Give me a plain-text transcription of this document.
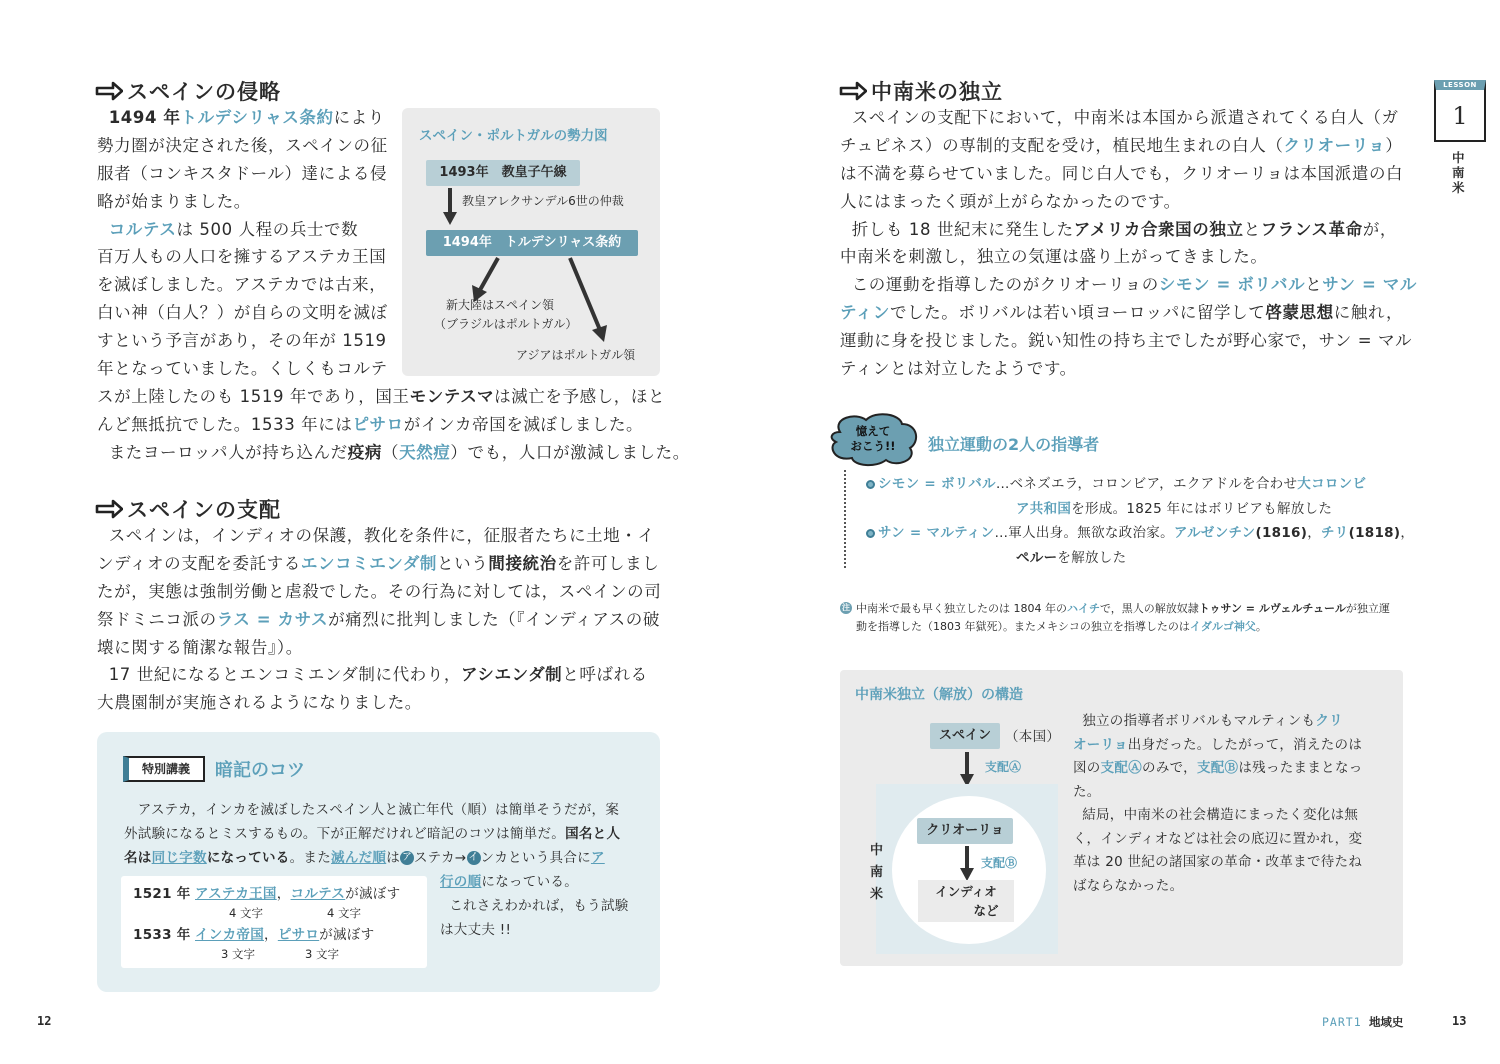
スペインの侵略
1494 年トルデシリャス条約により
勢力圏が決定された後，スペインの征
服者（コンキスタドール）達による侵
略が始まりました。
コルテスは 500 人程の兵士で数
百万人もの人口を擁するアステカ王国
を滅ぼしました。アステカでは古来，
白い神（白人？）が自らの文明を滅ぼ
すという予言があり，その年が 1519
年となっていました。くしくもコルテ
スが上陸したのも 1519 年であり，国王モンテスマは滅亡を予感し，ほと
んど無抵抗でした。1533 年にはピサロがインカ帝国を滅ぼしました。
またヨーロッパ人が持ち込んだ疫病（天然痘）でも，人口が激減しました。
スペイン・ポルトガルの勢力図
1493年　教皇子午線
教皇アレクサンデル6世の仲裁
1494年　トルデシリャス条約
新大陸はスペイン領
（ブラジルはポルトガル）
アジアはポルトガル領
スペインの支配
スペインは，インディオの保護，教化を条件に，征服者たちに土地・イ
ンディオの支配を委託するエンコミエンダ制という間接統治を許可しまし
たが，実態は強制労働と虐殺でした。その行為に対しては，スペインの司
祭ドミニコ派のラス = カサスが痛烈に批判しました（『インディアスの破
壊に関する簡潔な報告』）。
17 世紀になるとエンコミエンダ制に代わり，アシエンダ制と呼ばれる
大農園制が実施されるようになりました。
特別講義	暗記のコツ
アステカ，インカを滅ぼしたスペイン人と滅亡年代（順）は簡単そうだが，案
外試験になるとミスするもの。下が正解だけれど暗記のコツは簡単だ。国名と人
名は同じ字数になっている。また滅んだ順は ア ステカ→ イ ンカという具合にア
行の順になっている。
これさえわかれば，もう試験
は大丈夫 !!
1521 年 アステカ王国，コルテスが滅ぼす
4 文字	4 文字
1533 年 インカ帝国，ピサロが滅ぼす
3 文字	3 文字
12
中南米の独立
スペインの支配下において，中南米は本国から派遣されてくる白人（ガ
チュピネス）の専制的支配を受け，植民地生まれの白人（クリオーリョ）
は不満を募らせていました。同じ白人でも，クリオーリョは本国派遣の白
人にはまったく頭が上がらなかったのです。
折しも 18 世紀末に発生したアメリカ合衆国の独立とフランス革命が，
中南米を刺激し，独立の気運は盛り上がってきました。
この運動を指導したのがクリオーリョのシモン = ボリバルとサン = マル
ティンでした。ボリバルは若い頃ヨーロッパに留学して啓蒙思想に触れ，
運動に身を投じました。鋭い知性の持ち主でしたが野心家で，サン = マル
ティンとは対立したようです。
憶えて
おこう!!	独立運動の2人の指導者
シモン = ボリバル…ベネズエラ，コロンビア，エクアドルを合わせ大コロンビ
ア共和国を形成。1825 年にはボリビアも解放した
サン = マルティン…軍人出身。無欲な政治家。アルゼンチン(1816)，チリ(1818)，
ペルーを解放した
注 中南米で最も早く独立したのは 1804 年のハイチで，黒人の解放奴隷トゥサン = ルヴェルチュールが独立運
動を指導した（1803 年獄死）。またメキシコの独立を指導したのはイダルゴ神父。
中南米独立（解放）の構造
スペイン	（本国）
支配Ⓐ
中
南
米
クリオーリョ
支配Ⓑ
インディオ
など
独立の指導者ボリバルもマルティンもクリ
オーリョ出身だった。したがって，消えたのは
図の支配Ⓐのみで，支配Ⓑは残ったままとなっ
た。
結局，中南米の社会構造にまったく変化は無
く，インディオなどは社会の底辺に置かれ，変
革は 20 世紀の諸国家の革命・改革まで待たね
ばならなかった。
LESSON
1
中
南
米
PART1 地域史	13
